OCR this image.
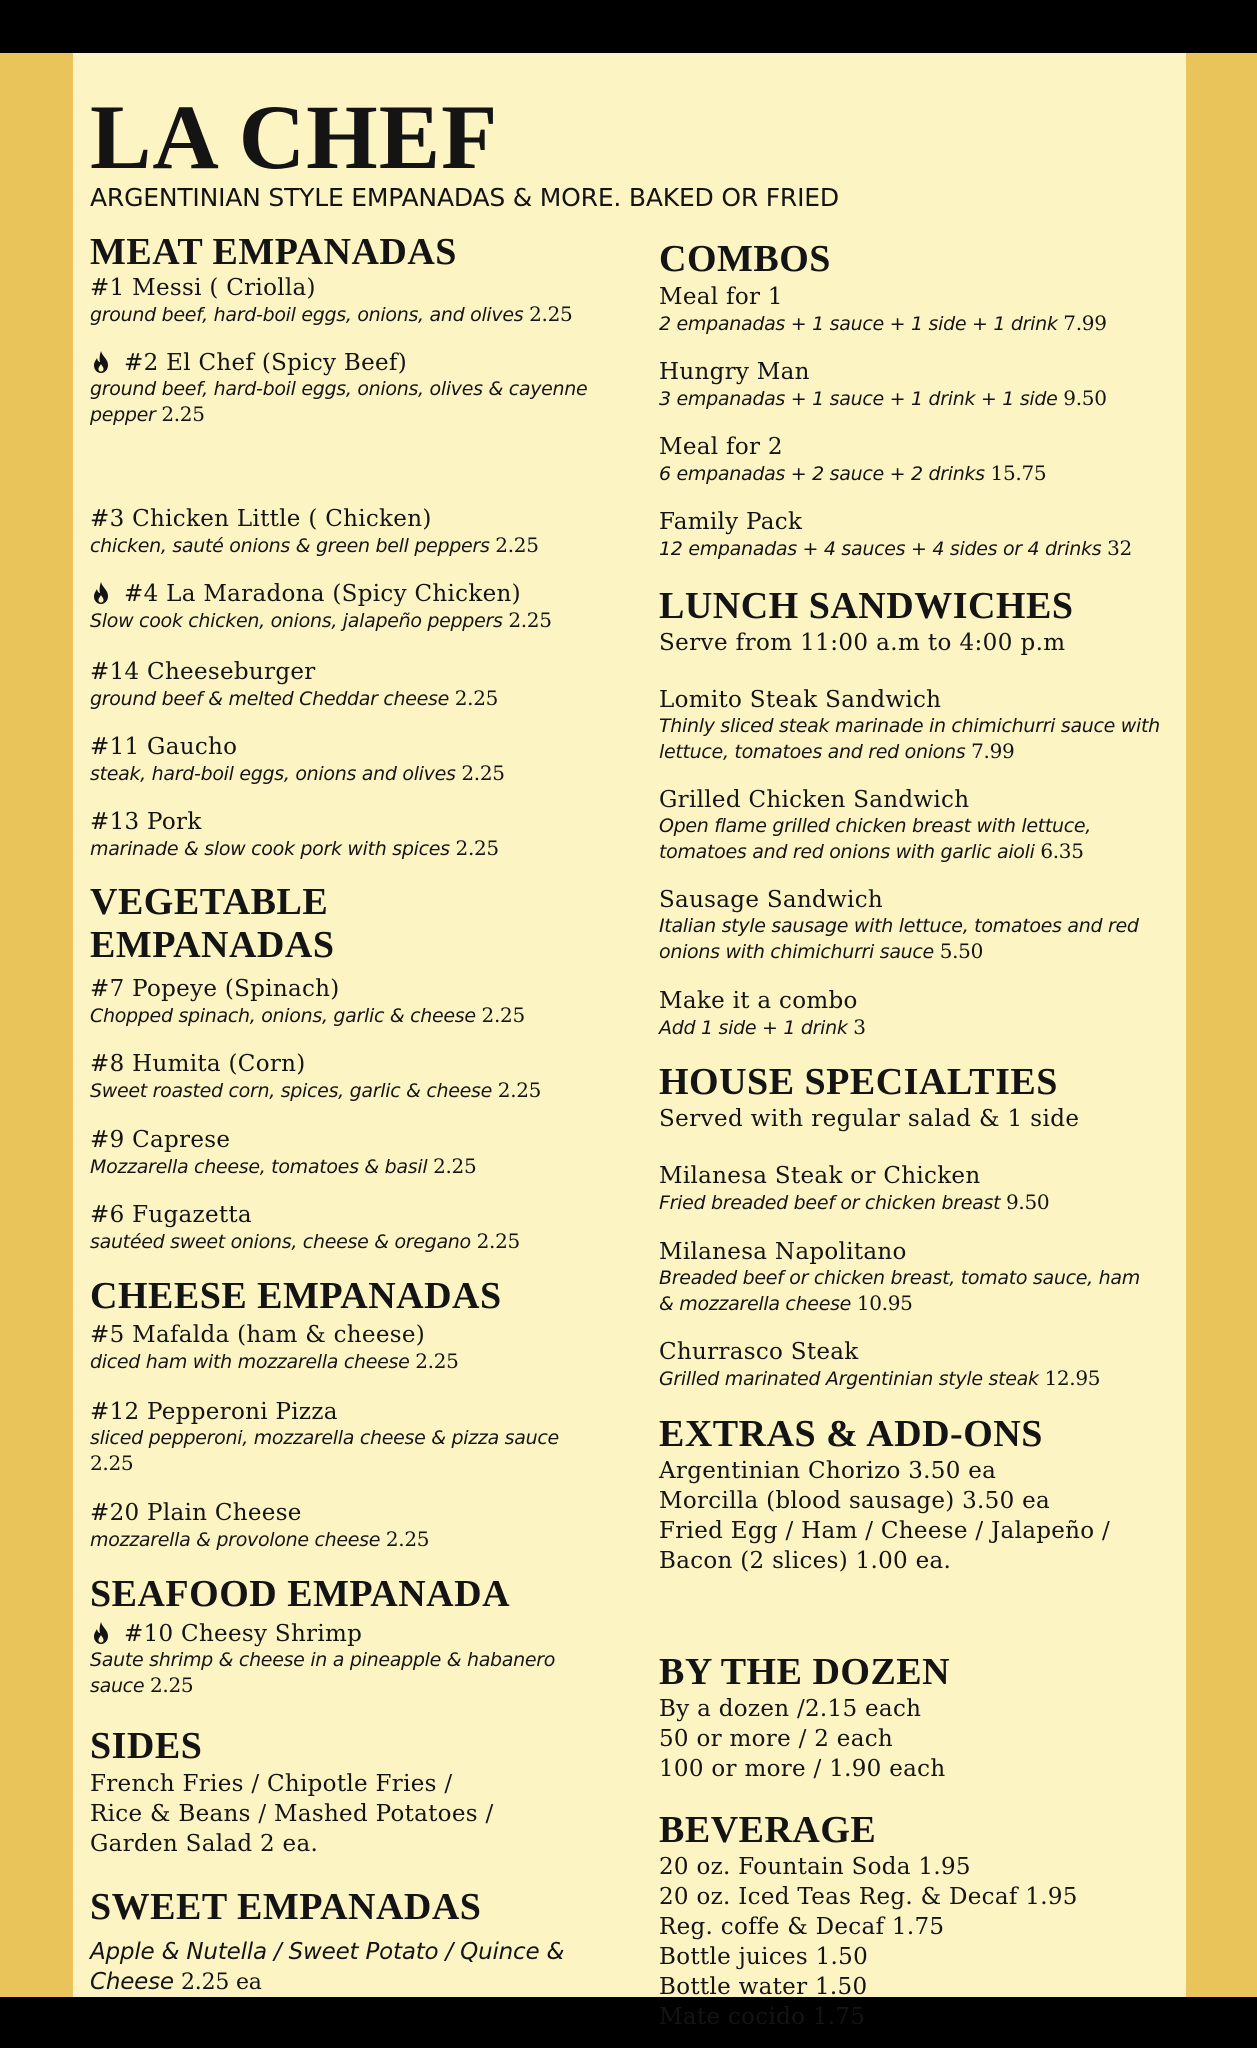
LA CHEF
ARGENTINIAN STYLE EMPANADAS & MORE. BAKED OR FRIED
MEAT EMPANADAS
#1 Messi ( Criolla)
ground beef, hard-boil eggs, onions, and olives 2.25
#2 El Chef (Spicy Beef)
ground beef, hard-boil eggs, onions, olives & cayenne pepper 2.25
#3 Chicken Little ( Chicken)
chicken, sauté onions & green bell peppers 2.25
#4 La Maradona (Spicy Chicken)
Slow cook chicken, onions, jalapeño peppers 2.25
#14 Cheeseburger
ground beef & melted Cheddar cheese 2.25
#11 Gaucho
steak, hard-boil eggs, onions and olives 2.25
#13 Pork
marinade & slow cook pork with spices 2.25
VEGETABLE
EMPANADAS
#7 Popeye (Spinach)
Chopped spinach, onions, garlic & cheese 2.25
#8 Humita (Corn)
Sweet roasted corn, spices, garlic & cheese 2.25
#9 Caprese
Mozzarella cheese, tomatoes & basil 2.25
#6 Fugazetta
sautéed sweet onions, cheese & oregano 2.25
CHEESE EMPANADAS
#5 Mafalda (ham & cheese)
diced ham with mozzarella cheese 2.25
#12 Pepperoni Pizza
sliced pepperoni, mozzarella cheese & pizza sauce 2.25
#20 Plain Cheese
mozzarella & provolone cheese 2.25
SEAFOOD EMPANADA
#10 Cheesy Shrimp
Saute shrimp & cheese in a pineapple & habanero sauce 2.25
SIDES
French Fries / Chipotle Fries /
Rice & Beans / Mashed Potatoes /
Garden Salad 2 ea.
SWEET EMPANADAS
Apple & Nutella / Sweet Potato / Quince & Cheese 2.25 ea
COMBOS
Meal for 1
2 empanadas + 1 sauce + 1 side + 1 drink 7.99
Hungry Man
3 empanadas + 1 sauce + 1 drink + 1 side 9.50
Meal for 2
6 empanadas + 2 sauce + 2 drinks 15.75
Family Pack
12 empanadas + 4 sauces + 4 sides or 4 drinks 32
LUNCH SANDWICHES
Serve from 11:00 a.m to 4:00 p.m
Lomito Steak Sandwich
Thinly sliced steak marinade in chimichurri sauce with lettuce, tomatoes and red onions 7.99
Grilled Chicken Sandwich
Open flame grilled chicken breast with lettuce, tomatoes and red onions with garlic aioli 6.35
Sausage Sandwich
Italian style sausage with lettuce, tomatoes and red onions with chimichurri sauce 5.50
Make it a combo
Add 1 side + 1 drink 3
HOUSE SPECIALTIES
Served with regular salad & 1 side
Milanesa Steak or Chicken
Fried breaded beef or chicken breast 9.50
Milanesa Napolitano
Breaded beef or chicken breast, tomato sauce, ham & mozzarella cheese 10.95
Churrasco Steak
Grilled marinated Argentinian style steak 12.95
EXTRAS & ADD-ONS
Argentinian Chorizo 3.50 ea
Morcilla (blood sausage) 3.50 ea
Fried Egg / Ham / Cheese / Jalapeño /
Bacon (2 slices) 1.00 ea.
BY THE DOZEN
By a dozen /2.15 each
50 or more / 2 each
100 or more / 1.90 each
BEVERAGE
20 oz. Fountain Soda 1.95
20 oz. Iced Teas Reg. & Decaf 1.95
Reg. coffe & Decaf 1.75
Bottle juices 1.50
Bottle water 1.50
Mate cocido 1.75
